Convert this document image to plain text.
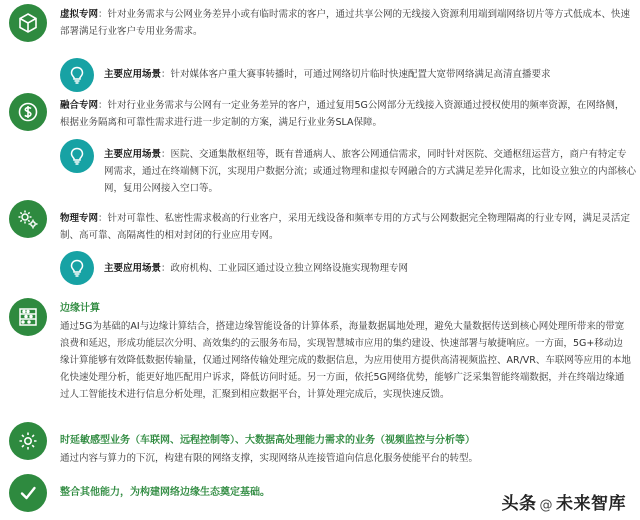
虚拟专网：针对业务需求与公网业务差异小或有临时需求的客户，通过共享公网的无线接入资源利用端到端网络切片等方式低成本、快速部署满足行业客户专用业务需求。
主要应用场景：针对媒体客户重大赛事转播时，可通过网络切片临时快速配置大宽带网络满足高清直播要求
融合专网：针对行业业务需求与公网有一定业务差异的客户，通过复用5G公网部分无线接入资源通过授权使用的频率资源，在网络侧，根据业务隔离和可靠性需求进行进一步定制的方案，满足行业业务SLA保障。
主要应用场景：医院、交通集散枢纽等，既有普通病人、旅客公网通信需求，同时针对医院、交通枢纽运营方，商户有特定专网需求，通过在终端侧下沉，实现用户数据分流；或通过物理和虚拟专网融合的方式满足差异化需求，比如设立独立的内部核心网，复用公网接入空口等。
物理专网：针对可靠性、私密性需求极高的行业客户，采用无线设备和频率专用的方式与公网数据完全物理隔离的行业专网，满足灵活定制、高可靠、高隔离性的相对封闭的行业应用专网。
主要应用场景：政府机构、工业园区通过设立独立网络设施实现物理专网
边缘计算
通过5G为基础的AI与边缘计算结合，搭建边缘智能设备的计算体系，海量数据属地处理，避免大量数据传送到核心网处理所带来的带宽浪费和延迟，形成功能层次分明、高效集约的云服务布局，实现智慧城市应用的集约建设、快速部署与敏捷响应。一方面，5G+移动边缘计算能够有效降低数据传输量，仅通过网络传输处理完成的数据信息，为应用使用方提供高清视频监控、AR/VR、车联网等应用的本地化快速处理分析，能更好地匹配用户诉求，降低访问时延。另一方面，依托5G网络优势，能够广泛采集智能终端数据，并在终端边缘通过人工智能技术进行信息分析处理，汇聚到相应数据平台，计算处理完成后，实现快速反馈。
时延敏感型业务（车联网、远程控制等）、大数据高处理能力需求的业务（视频监控与分析等）
通过内容与算力的下沉，构建有限的网络支撑，实现网络从连接管道向信息化服务使能平台的转型。
整合其他能力，为构建网络边缘生态奠定基础。
头条 @ 未来智库
